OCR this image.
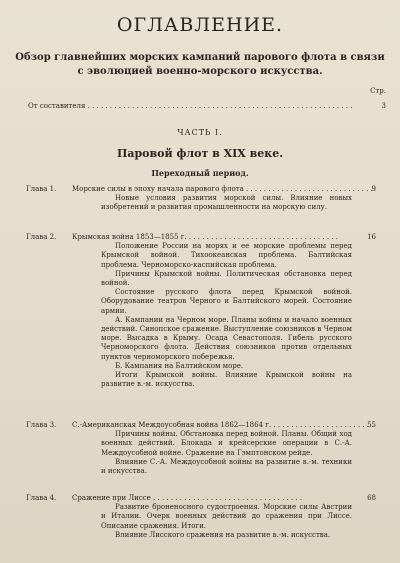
ОГЛАВЛЕНИЕ.
Обзор главнейших морских кампаний парового флота в связи с эволюцией военно-морского искусства.
Стр.
От составителя . . . . . . . . . . . . . . . . . . . . . . . . . . . . . . . . . . . . . . . . . . . . . . . . . . . . . . . . . . . .	3
ЧАСТЬ I.
Паровой флот в XIX веке.
Переходный период.
Глава 1.	Морские силы в эпоху начала парового флота . . .	9
Новые условия развития морской силы. Влияние новых изобретений и развития промышленности на морскую силу.
Глава 2.	Крымская война 1853—1855 г. . . .	16
Положение России на морях и ее морские проблемы перед Крымской войной. Тихоокеанская проблема. Балтийская проблема. Черноморско-каспийская проблема.
Причины Крымской войны. Политическая обстановка перед войной.
Состояние русского флота перед Крымской войной. Оборудование театров Черного и Балтийского морей. Состояние армии.
А. Кампании на Черном море. Планы войны и начало военных действий. Синопское сражение. Выступление союзников в Черном море. Высадка в Крыму. Осада Севастополя. Гибель русского Черноморского флота. Действия союзников против отдельных пунктов черноморского побережья.
Б. Кампания на Балтийском море.
Итоги Крымской войны. Влияние Крымской войны на развитие в.-м. искусства.
Глава 3.	С.-Американская Междоусобная война 1862—1864 г. . . .	55
Причины войны. Обстановка перед войной. Планы. Общий ход военных действий. Блокада и крейсерские операции в С.-А. Междоусобной войне. Сражение на Гэмптонском рейде.
Влияние С.-А. Междоусобной войны на развитие в.-м. техники и искусства.
Глава 4.	Сражение при Лиссе . . .	68
Развитие броненосного судостроения. Морские силы Австрии и Италии. Очерк военных действий до сражения при Лиссе. Описание сражения. Итоги.
Влияние Лисского сражения на развитие в.-м. искусства.
